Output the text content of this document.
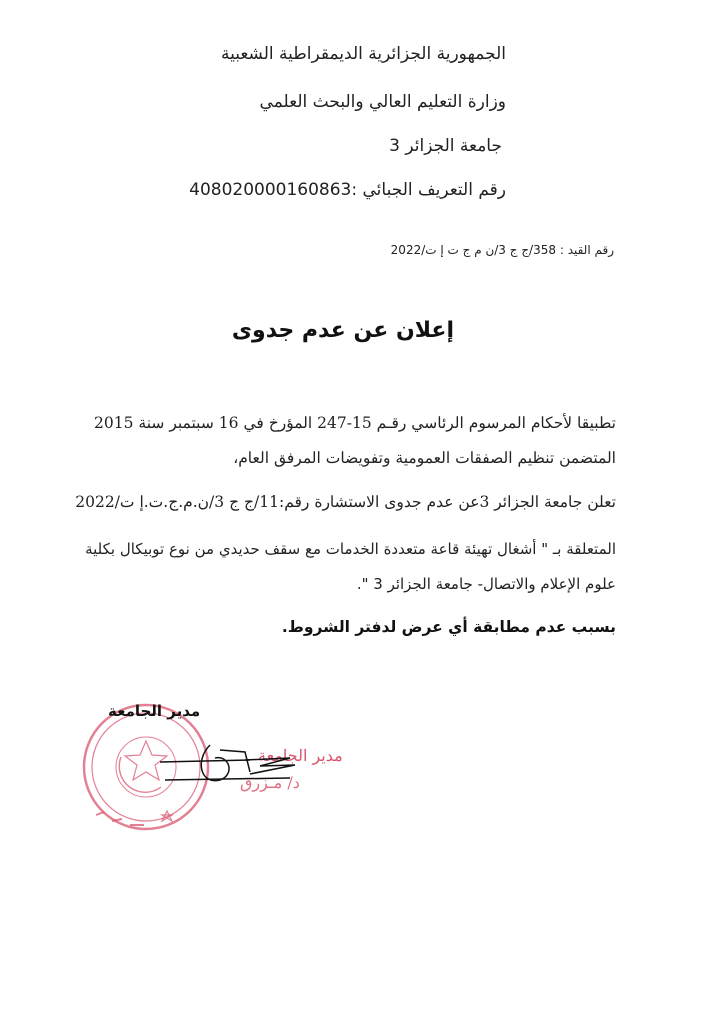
الجمهورية الجزائرية الديمقراطية الشعبية
وزارة التعليم العالي والبحث العلمي
جامعة الجزائر 3
رقم التعريف الجبائي :408020000160863
رقم القيد : 358/ج ج 3/ن م ج ت إ ت/2022
إعلان عن عدم جدوى
تطبيقا لأحكام المرسوم الرئاسي رقـم 15-247 المؤرخ في 16 سبتمبر سنة 2015
المتضمن تنظيم الصفقات العمومية وتفويضات المرفق العام،
تعلن جامعة الجزائر 3عن عدم جدوى الاستشارة رقم:11/ج ج 3/ن.م.ج.ت.إ ت/2022
المتعلقة بـ " أشغال تهيئة قاعة متعددة الخدمات مع سقف حديدي من نوع توبيكال بكلية
علوم الإعلام والاتصال- جامعة الجزائر 3 ".
بسبب عدم مطابقة أي عرض لدفتر الشروط.
مدير الجامعة
مدير الجامعة
د/ مـزرق
